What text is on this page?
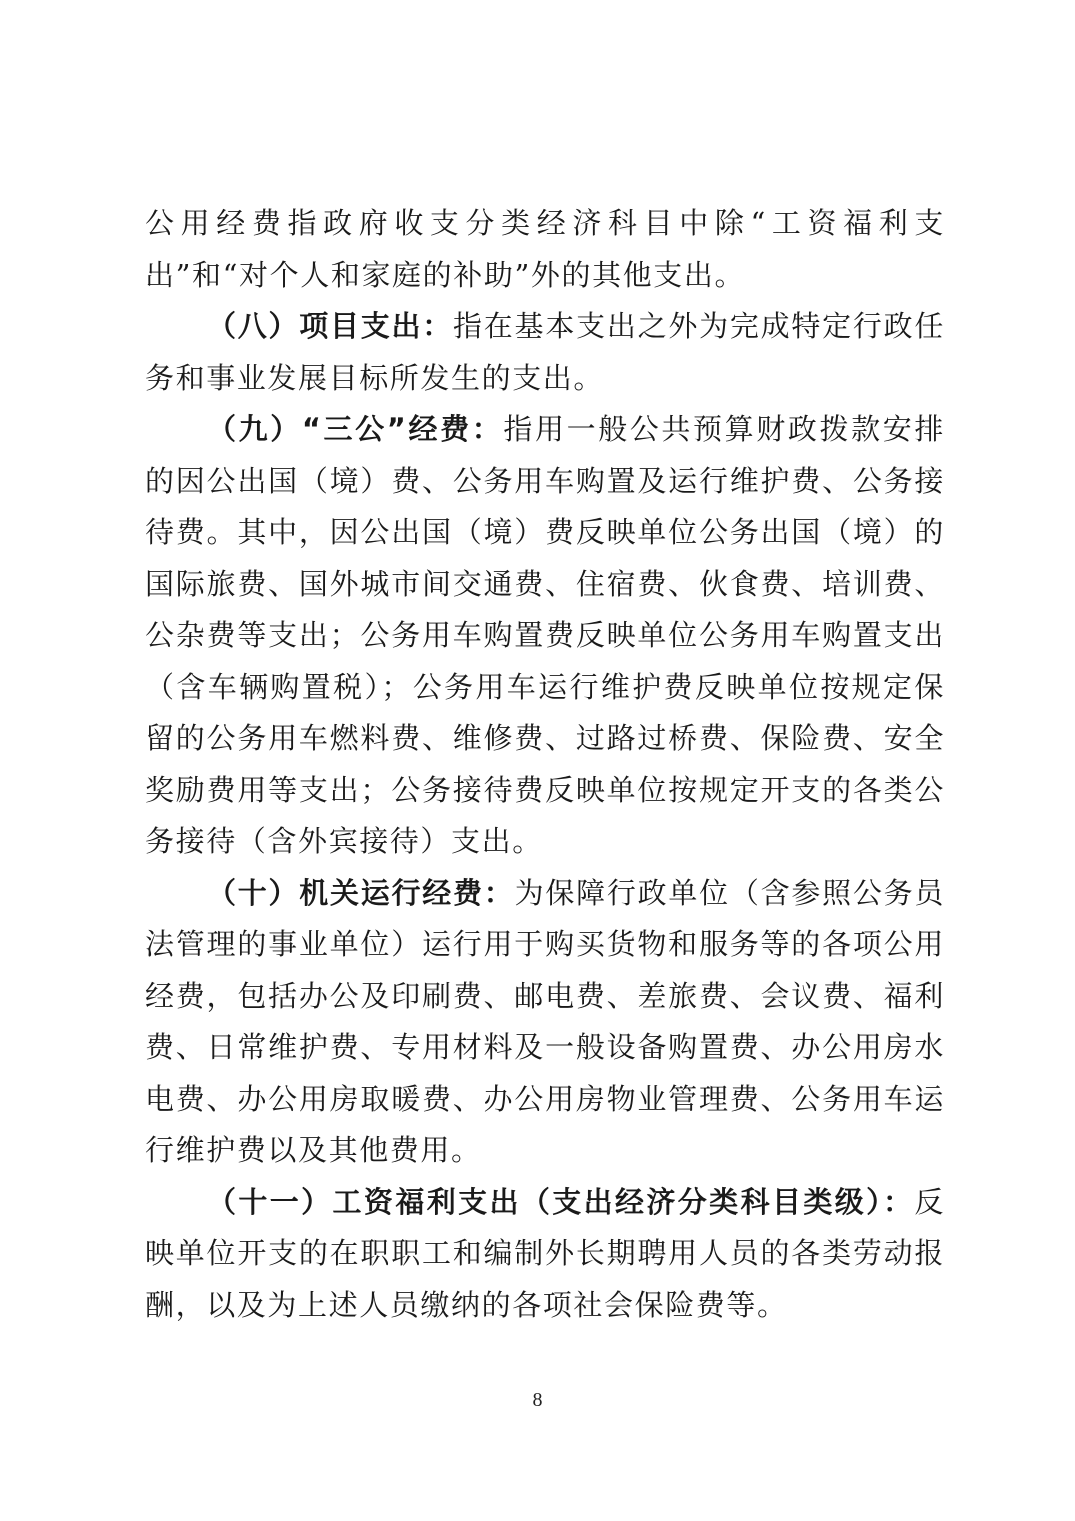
公用经费指政府收支分类经济科目中除“工资福利支出”和“对个人和家庭的补助”外的其他支出。

（八）项目支出：指在基本支出之外为完成特定行政任务和事业发展目标所发生的支出。

（九）“三公”经费：指用一般公共预算财政拨款安排的因公出国（境）费、公务用车购置及运行维护费、公务接待费。其中，因公出国（境）费反映单位公务出国（境）的国际旅费、国外城市间交通费、住宿费、伙食费、培训费、公杂费等支出；公务用车购置费反映单位公务用车购置支出（含车辆购置税）；公务用车运行维护费反映单位按规定保留的公务用车燃料费、维修费、过路过桥费、保险费、安全奖励费用等支出；公务接待费反映单位按规定开支的各类公务接待（含外宾接待）支出。

（十）机关运行经费：为保障行政单位（含参照公务员法管理的事业单位）运行用于购买货物和服务等的各项公用经费，包括办公及印刷费、邮电费、差旅费、会议费、福利费、日常维护费、专用材料及一般设备购置费、办公用房水电费、办公用房取暖费、办公用房物业管理费、公务用车运行维护费以及其他费用。

（十一）工资福利支出（支出经济分类科目类级）：反映单位开支的在职职工和编制外长期聘用人员的各类劳动报酬，以及为上述人员缴纳的各项社会保险费等。

8
